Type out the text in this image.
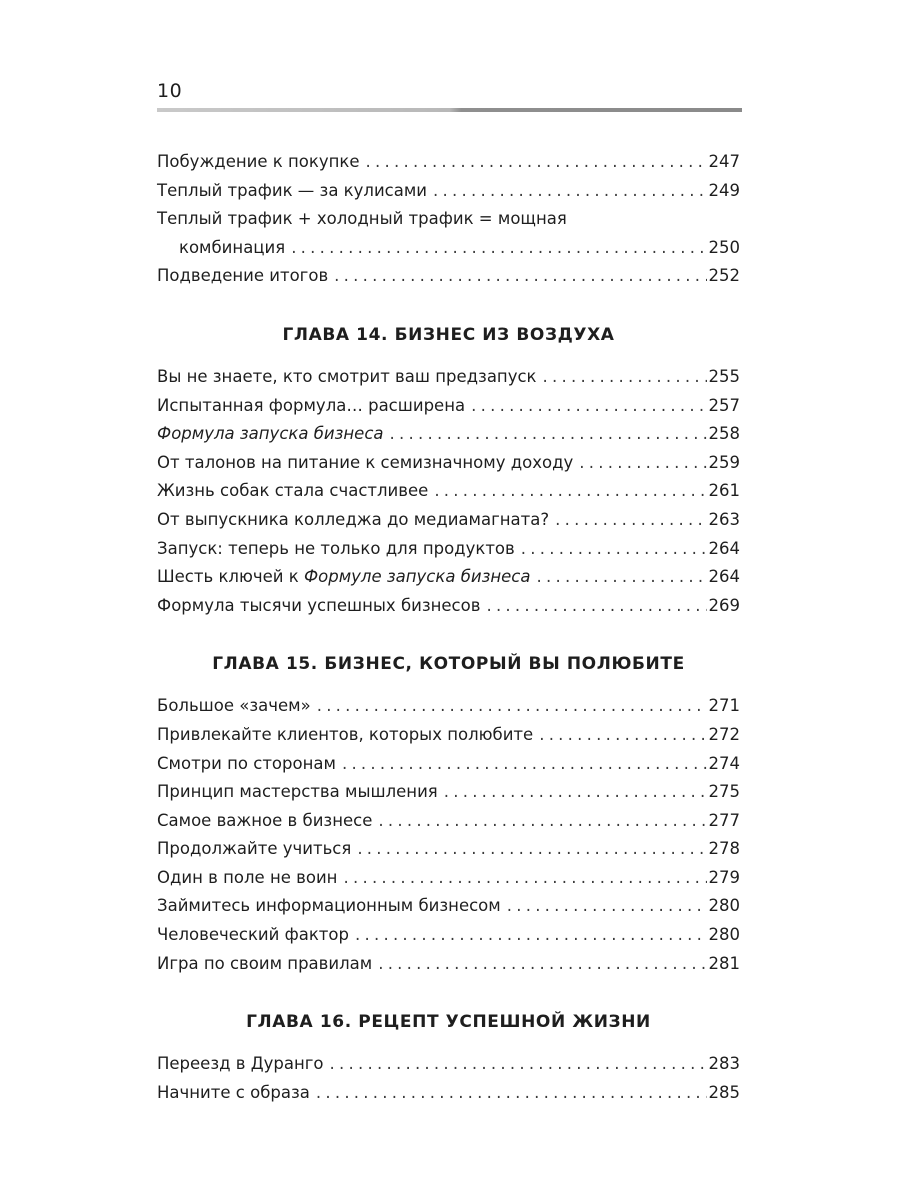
10
Побуждение к покупке . . .	247
Теплый трафик — за кулисами . . .	249
Теплый трафик + холодный трафик = мощная
комбинация . . .	250
Подведение итогов . . .	252
ГЛАВА 14. БИЗНЕС ИЗ ВОЗДУХА
Вы не знаете, кто смотрит ваш предзапуск . . .	255
Испытанная формула… расширена . . .	257
Формула запуска бизнеса . . .	258
От талонов на питание к семизначному доходу . . .	259
Жизнь собак стала счастливее . . .	261
От выпускника колледжа до медиамагната? . . .	263
Запуск: теперь не только для продуктов . . .	264
Шесть ключей к Формуле запуска бизнеса . . .	264
Формула тысячи успешных бизнесов . . .	269
ГЛАВА 15. БИЗНЕС, КОТОРЫЙ ВЫ ПОЛЮБИТЕ
Большое «зачем» . . .	271
Привлекайте клиентов, которых полюбите . . .	272
Смотри по сторонам . . .	274
Принцип мастерства мышления . . .	275
Самое важное в бизнесе . . .	277
Продолжайте учиться . . .	278
Один в поле не воин . . .	279
Займитесь информационным бизнесом . . .	280
Человеческий фактор . . .	280
Игра по своим правилам . . .	281
ГЛАВА 16. РЕЦЕПТ УСПЕШНОЙ ЖИЗНИ
Переезд в Дуранго . . .	283
Начните с образа . . .	285
